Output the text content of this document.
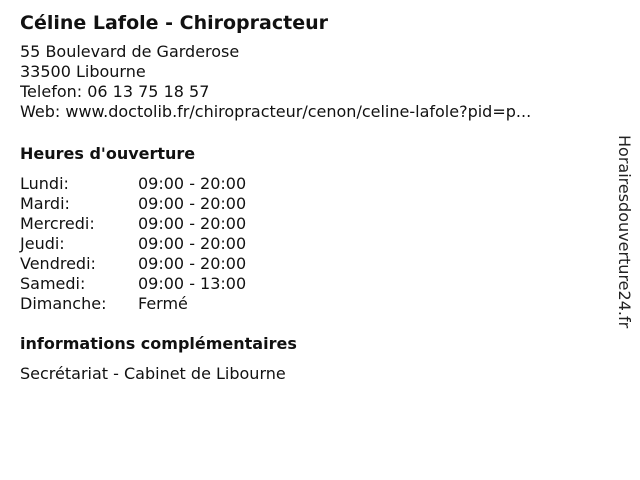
Céline Lafole - Chiropracteur
55 Boulevard de Garderose
33500 Libourne
Telefon: 06 13 75 18 57
Web: www.doctolib.fr/chiropracteur/cenon/celine-lafole?pid=p...
Heures d'ouverture
Lundi:	09:00 - 20:00
Mardi:	09:00 - 20:00
Mercredi:	09:00 - 20:00
Jeudi:	09:00 - 20:00
Vendredi:	09:00 - 20:00
Samedi:	09:00 - 13:00
Dimanche:	Fermé
informations complémentaires
Secrétariat - Cabinet de Libourne
Horairesdouverture24.fr
